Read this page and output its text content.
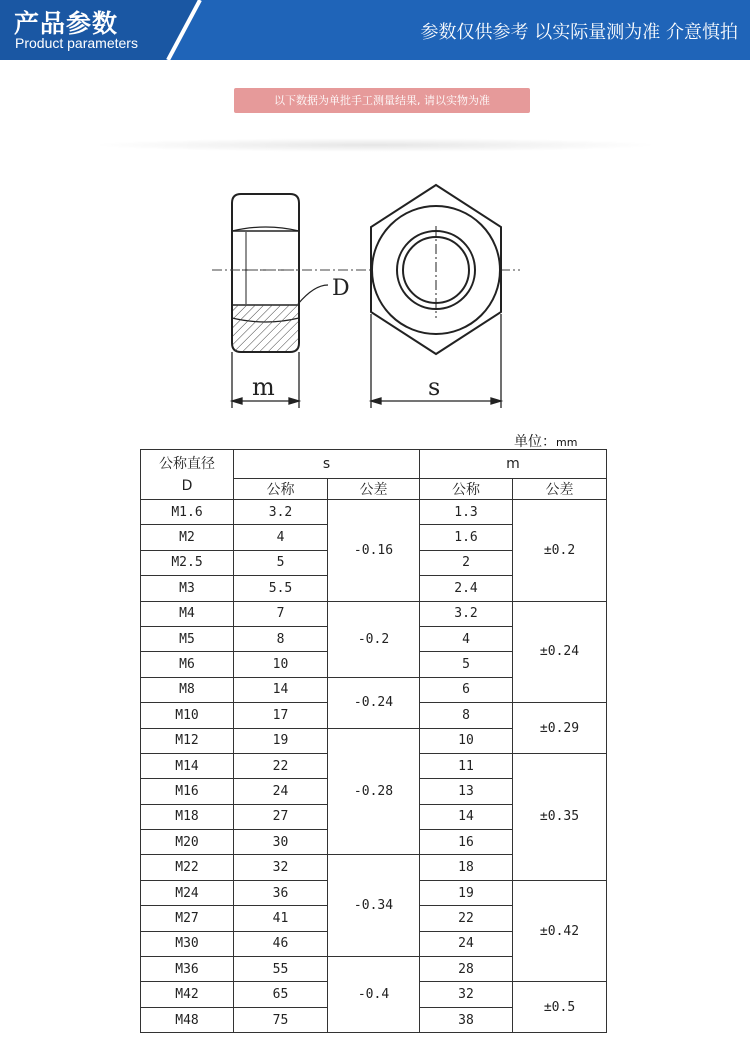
产品参数
Product parameters	参数仅供参考 以实际量测为准 介意慎拍
以下数据为单批手工测量结果, 请以实物为准
D
m	s
单位：mm
公称直径
D	s		m	
	公称	公差	公称	公差
M1.6	3.2	-0.16	1.3	±0.2
M2	4		1.6	
M2.5	5		2	
M3	5.5		2.4	
M4	7	-0.2	3.2	±0.24
M5	8		4	
M6	10		5	
M8	14	-0.24	6	
M10	17		8	±0.29
M12	19	-0.28	10	
M14	22		11	±0.35
M16	24		13	
M18	27		14	
M20	30		16	
M22	32	-0.34	18	
M24	36		19	±0.42
M27	41		22	
M30	46		24	
M36	55	-0.4	28	
M42	65		32	±0.5
M48	75		38	
